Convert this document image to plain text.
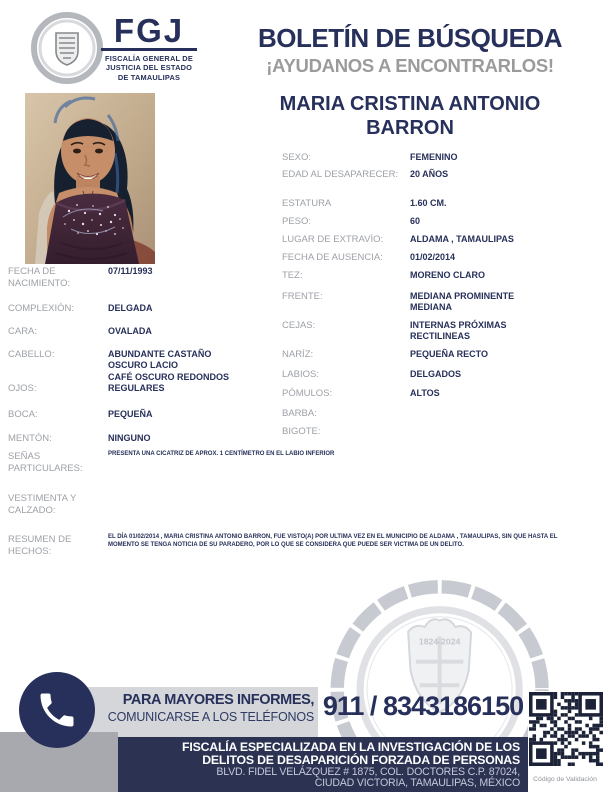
1824-2024
FGJ
FISCALÍA GENERAL DE
JUSTICIA DEL ESTADO
DE TAMAULIPAS
BOLETÍN DE BÚSQUEDA
¡AYUDANOS A ENCONTRARLOS!
MARIA CRISTINA ANTONIO
BARRON
SEXO:	FEMENINO
EDAD AL DESAPARECER:	20 AÑOS
ESTATURA	1.60 CM.
PESO:	60
LUGAR DE EXTRAVÌO:	ALDAMA , TAMAULIPAS
FECHA DE AUSENCIA:	01/02/2014
TEZ:	MORENO CLARO
FRENTE:	MEDIANA PROMINENTE MEDIANA
CEJAS:	INTERNAS PRÓXIMAS RECTILINEAS
NARÍZ:	PEQUEÑA RECTO
LABIOS:	DELGADOS
PÓMULOS:	ALTOS
BARBA:
BIGOTE:
FECHA DE NACIMIENTO:
07/11/1993
COMPLEXIÓN:	DELGADA
CARA:	OVALADA
CABELLO:	ABUNDANTE CASTAÑO OSCURO LACIO
OJOS:
CAFÉ OSCURO REDONDOS REGULARES
BOCA:	PEQUEÑA
MENTÓN:	NINGUNO
SEÑAS PARTICULARES:
PRESENTA UNA CICATRIZ DE APROX. 1 CENTÍMETRO EN EL LABIO INFERIOR
VESTIMENTA Y CALZADO:
RESUMEN DE HECHOS:
EL DÍA 01/02/2014 , MARIA CRISTINA ANTONIO BARRON, FUE VISTO(A) POR ULTIMA VEZ EN EL MUNICIPIO DE ALDAMA , TAMAULIPAS, SIN QUE HASTA EL MOMENTO SE TENGA NOTICIA DE SU PARADERO, POR LO QUE SE CONSIDERA QUE PUEDE SER VICTIMA DE UN DELITO.
FISCALÍA ESPECIALIZADA EN LA INVESTIGACIÓN DE LOS
DELITOS DE DESAPARICIÓN FORZADA DE PERSONAS
BLVD. FIDEL VELÁZQUEZ # 1875, COL. DOCTORES C.P. 87024,
CIUDAD VICTORIA, TAMAULIPAS, MÉXICO
PARA MAYORES INFORMES,
COMUNICARSE A LOS TELÉFONOS 911 / 8343186150
Código de Validación
